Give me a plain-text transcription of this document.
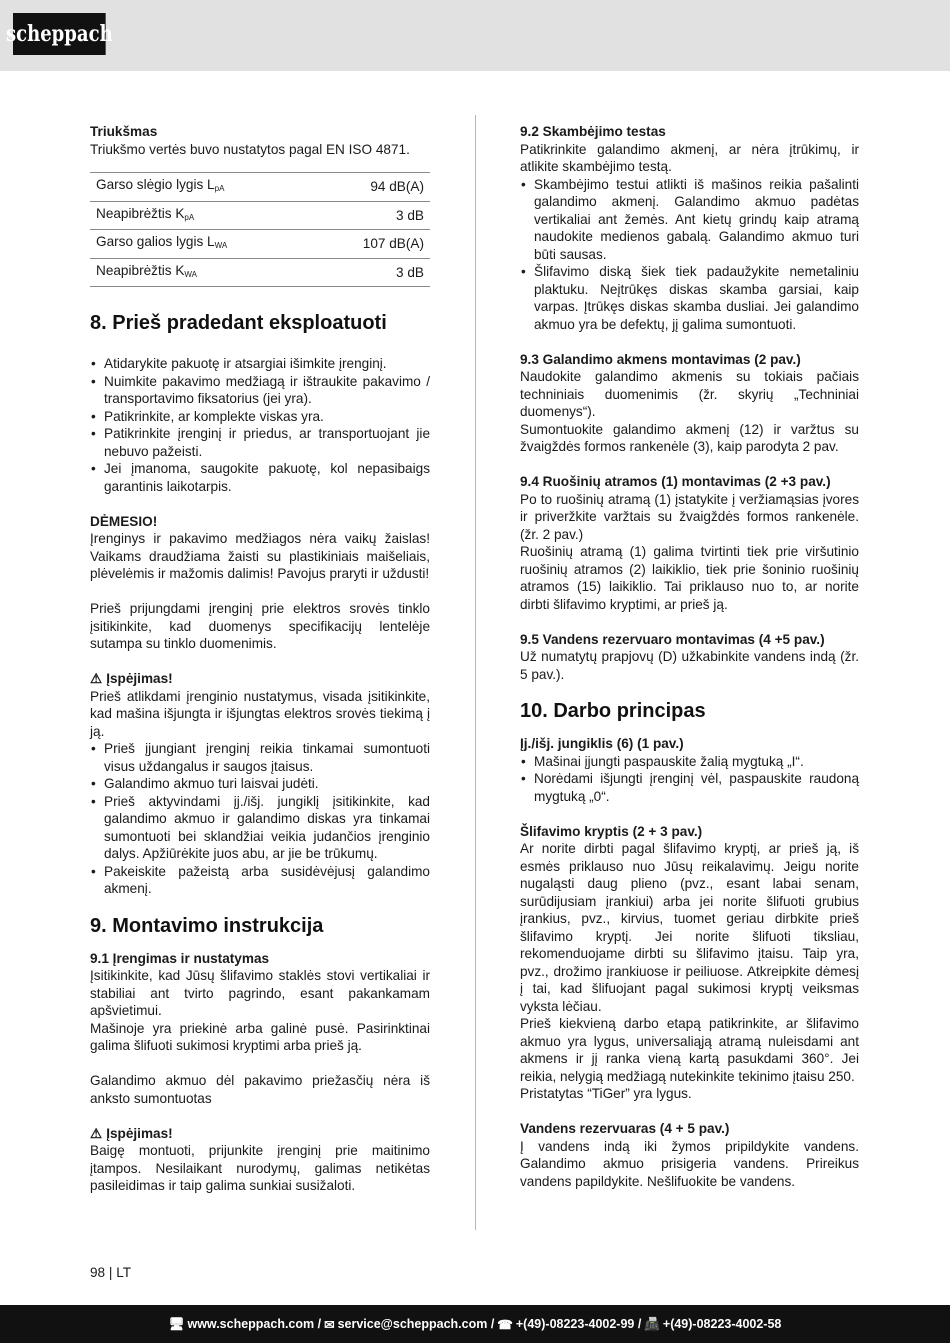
scheppach

Triukšmas

Triukšmo vertės buvo nustatytos pagal EN ISO 4871.

Garso slėgio lygis $L_{pA}$	94 dB(A)
Neapibrėžtis $K_{pA}$	3 dB
Garso galios lygis $L_{WA}$	107 dB(A)
Neapibrėžtis $K_{WA}$	3 dB
8. Prieš pradedant eksploatuoti
• Atidarykite pakuotę ir atsargiai išimkite įrenginį.
• Nuimkite pakavimo medžiagą ir ištraukite pakavimo / transportavimo fiksatorius (jei yra).
• Patikrinkite, ar komplekte viskas yra.
• Patikrinkite įrenginį ir priedus, ar transportuojant jie nebuvo pažeisti.
• Jei įmanoma, saugokite pakuotę, kol nepasibaigs garantinis laikotarpis.

DĖMESIO!

Įrenginys ir pakavimo medžiagos nėra vaikų žaislas! Vaikams draudžiama žaisti su plastikiniais maišeliais, plėvelėmis ir mažomis dalimis! Pavojus praryti ir uždusti!

Prieš prijungdami įrenginį prie elektros srovės tinklo įsitikinkite, kad duomenys specifikacijų lentelėje sutampa su tinklo duomenimis.

⚠ Įspėjimas!

Prieš atlikdami įrenginio nustatymus, visada įsitikinkite, kad mašina išjungta ir išjungtas elektros srovės tiekimą į ją.

• Prieš įjungiant įrenginį reikia tinkamai sumontuoti visus uždangalus ir saugos įtaisus.
• Galandimo akmuo turi laisvai judėti.
• Prieš aktyvindami įj./išj. jungiklį įsitikinkite, kad galandimo akmuo ir galandimo diskas yra tinkamai sumontuoti bei sklandžiai veikia judančios įrenginio dalys. Apžiūrėkite juos abu, ar jie be trūkumų.
• Pakeiskite pažeistą arba susidėvėjusį galandimo akmenį.
9. Montavimo instrukcija

9.1 Įrengimas ir nustatymas

Įsitikinkite, kad Jūsų šlifavimo staklės stovi vertikaliai ir stabiliai ant tvirto pagrindo, esant pakankamam apšvietimui.

Mašinoje yra priekinė arba galinė pusė. Pasirinktinai galima šlifuoti sukimosi kryptimi arba prieš ją.

Galandimo akmuo dėl pakavimo priežasčių nėra iš anksto sumontuotas

⚠ Įspėjimas!

Baigę montuoti, prijunkite įrenginį prie maitinimo įtampos. Nesilaikant nurodymų, galimas netikėtas pasileidimas ir taip galima sunkiai susižaloti.

9.2 Skambėjimo testas

Patikrinkite galandimo akmenį, ar nėra įtrūkimų, ir atlikite skambėjimo testą.

• Skambėjimo testui atlikti iš mašinos reikia pašalinti galandimo akmenį. Galandimo akmuo padėtas vertikaliai ant žemės. Ant kietų grindų kaip atramą naudokite medienos gabalą. Galandimo akmuo turi būti sausas.
• Šlifavimo diską šiek tiek padaužykite nemetaliniu plaktuku. Neįtrūkęs diskas skamba garsiai, kaip varpas. Įtrūkęs diskas skamba dusliai. Jei galandimo akmuo yra be defektų, jį galima sumontuoti.

9.3 Galandimo akmens montavimas (2 pav.)

Naudokite galandimo akmenis su tokiais pačiais techniniais duomenimis (žr. skyrių „Techniniai duomenys“).

Sumontuokite galandimo akmenį (12) ir varžtus su žvaigždės formos rankenėle (3), kaip parodyta 2 pav.

9.4 Ruošinių atramos (1) montavimas (2 +3 pav.)

Po to ruošinių atramą (1) įstatykite į veržiamąsias įvores ir priveržkite varžtais su žvaigždės formos rankenėle. (žr. 2 pav.)

Ruošinių atramą (1) galima tvirtinti tiek prie viršutinio ruošinių atramos (2) laikiklio, tiek prie šoninio ruošinių atramos (15) laikiklio. Tai priklauso nuo to, ar norite dirbti šlifavimo kryptimi, ar prieš ją.

9.5 Vandens rezervuaro montavimas (4 +5 pav.)

Už numatytų prapjovų (D) užkabinkite vandens indą (žr. 5 pav.).

10. Darbo principas

Įj./išj. jungiklis (6) (1 pav.)

• Mašinai įjungti paspauskite žalią mygtuką „I“.
• Norėdami išjungti įrenginį vėl, paspauskite raudoną mygtuką „0“.

Šlifavimo kryptis (2 + 3 pav.)

Ar norite dirbti pagal šlifavimo kryptį, ar prieš ją, iš esmės priklauso nuo Jūsų reikalavimų. Jeigu norite nugaląsti daug plieno (pvz., esant labai senam, surūdijusiam įrankiui) arba jei norite šlifuoti grubius įrankius, pvz., kirvius, tuomet geriau dirbkite prieš šlifavimo kryptį. Jei norite šlifuoti tiksliau, rekomenduojame dirbti su šlifavimo įtaisu. Taip yra, pvz., drožimo įrankiuose ir peiliuose. Atkreipkite dėmesį į tai, kad šlifuojant pagal sukimosi kryptį veiksmas vyksta lėčiau.

Prieš kiekvieną darbo etapą patikrinkite, ar šlifavimo akmuo yra lygus, universaliąją atramą nuleisdami ant akmens ir jį ranka vieną kartą pasukdami 360°. Jei reikia, nelygią medžiagą nutekinkite tekinimo įtaisu 250.

Pristatytas “TiGer” yra lygus.

Vandens rezervuaras (4 + 5 pav.)

Į vandens indą iki žymos pripildykite vandens. Galandimo akmuo prisigeria vandens. Prireikus vandens papildykite. Nešlifuokite be vandens.

98 | LT
🖥 www.scheppach.com / ✉ service@scheppach.com / ☎ +(49)-08223-4002-99 / 📠 +(49)-08223-4002-58
